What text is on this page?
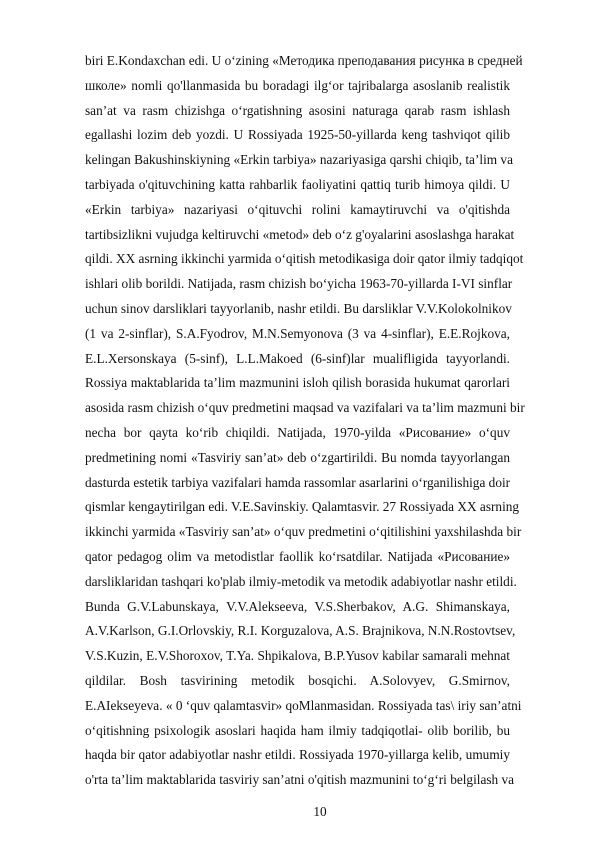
biri E.Kondaxchan edi. U o‘zining «Методика преподавания рисунка в средней
школе» nomli qo'llanmasida bu boradagi ilg‘or tajribalarga asoslanib realistik
san’at va rasm chizishga o‘rgatishning asosini naturaga qarab rasm ishlash
egallashi lozim deb yozdi. U Rossiyada 1925-50-yillarda keng tashviqot qilib
kelingan Bakushinskiyning «Erkin tarbiya» nazariyasiga qarshi chiqib, ta’lim va
tarbiyada o'qituvchining katta rahbarlik faoliyatini qattiq turib himoya qildi. U
«Erkin tarbiya» nazariyasi o‘qituvchi rolini kamaytiruvchi va o'qitishda
tartibsizlikni vujudga keltiruvchi «metod» deb o‘z g'oyalarini asoslashga harakat
qildi. XX asrning ikkinchi yarmida o‘qitish metodikasiga doir qator ilmiy tadqiqot
ishlari olib borildi. Natijada, rasm chizish bo‘yicha 1963-70-yillarda I-VI sinflar
uchun sinov darsliklari tayyorlanib, nashr etildi. Bu darsliklar V.V.Kolokolnikov
(1 va 2-sinflar), S.A.Fyodrov, M.N.Semyonova (3 va 4-sinflar), E.E.Rojkova,
E.L.Xersonskaya (5-sinf), L.L.Makoed (6-sinf)lar mualifligida tayyorlandi.
Rossiya maktablarida ta’lim mazmunini isloh qilish borasida hukumat qarorlari
asosida rasm chizish o‘quv predmetini maqsad va vazifalari va ta’lim mazmuni bir
necha bor qayta ko‘rib chiqildi. Natijada, 1970-yilda «Рисование» o‘quv
predmetining nomi «Tasviriy san’at» deb o‘zgartirildi. Bu nomda tayyorlangan
dasturda estetik tarbiya vazifalari hamda rassomlar asarlarini o‘rganilishiga doir
qismlar kengaytirilgan edi. V.E.Savinskiy. Qalamtasvir. 27 Rossiyada XX asrning
ikkinchi yarmida «Tasviriy san’at» o‘quv predmetini o‘qitilishini yaxshilashda bir
qator pedagog olim va metodistlar faollik ko‘rsatdilar. Natijada «Рисование»
darsliklaridan tashqari ko'plab ilmiy-metodik va metodik adabiyotlar nashr etildi.
Bunda G.V.Labunskaya, V.V.Alekseeva, V.S.Sherbakov, A.G. Shimanskaya,
A.V.Karlson, G.I.Orlovskiy, R.I. Korguzalova, A.S. Brajnikova, N.N.Rostovtsev,
V.S.Kuzin, E.V.Shoroxov, T.Ya. Shpikalova, B.P.Yusov kabilar samarali mehnat
qildilar. Bosh tasvirining metodik bosqichi. A.Solovyev, G.Smirnov,
E.AIekseyeva. « 0 ‘quv qalamtasvir» qoMlanmasidan. Rossiyada tas\ iriy san’atni
o‘qitishning psixologik asoslari haqida ham ilmiy tadqiqotlai- olib borilib, bu
haqda bir qator adabiyotlar nashr etildi. Rossiyada 1970-yillarga kelib, umumiy
o'rta ta’lim maktablarida tasviriy san’atni o'qitish mazmunini to‘g‘ri belgilash va
10
